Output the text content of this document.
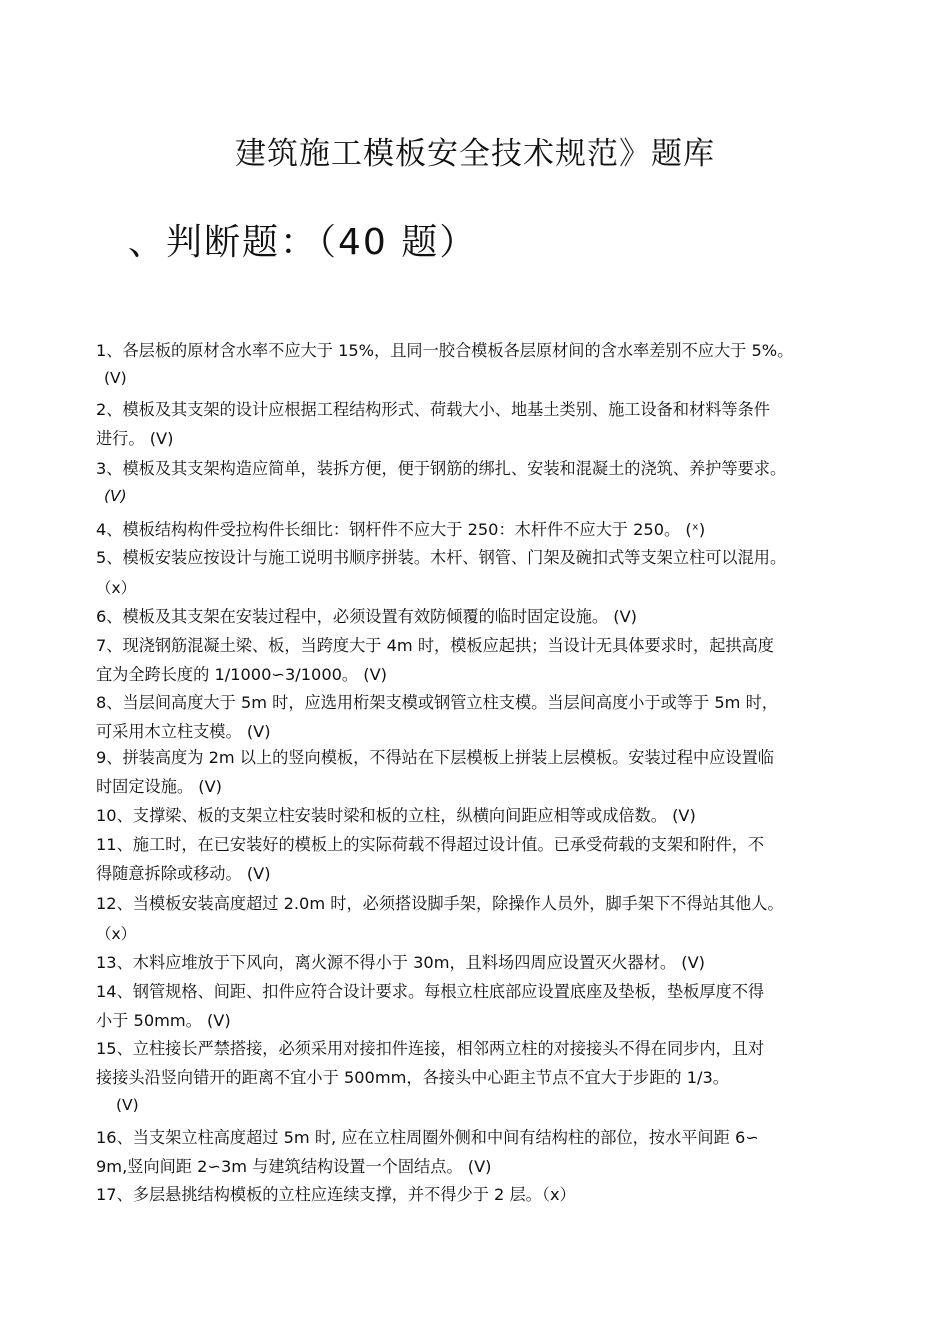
建筑施工模板安全技术规范》题库
、判断题：（40 题）
1、各层板的原材含水率不应大于 15%，且同一胶合模板各层原材间的含水率差别不应大于 5%。
(V)
2、模板及其支架的设计应根据工程结构形式、荷载大小、地基土类别、施工设备和材料等条件
进行。 (V)
3、模板及其支架构造应简单，装拆方便，便于钢筋的绑扎、安装和混凝土的浇筑、养护等要求。
(V)
4、模板结构构件受拉构件长细比：钢杆件不应大于 250：木杆件不应大于 250。 (ˣ)
5、模板安装应按设计与施工说明书顺序拼装。木杆、钢管、门架及碗扣式等支架立柱可以混用。
（x）
6、模板及其支架在安装过程中，必须设置有效防倾覆的临时固定设施。 (V)
7、现浇钢筋混凝土梁、板，当跨度大于 4m 时，模板应起拱；当设计无具体要求时，起拱高度
宜为全跨长度的 1/1000∽3/1000。 (V)
8、当层间高度大于 5m 时，应选用桁架支模或钢管立柱支模。当层间高度小于或等于 5m 时，
可采用木立柱支模。 (V)
9、拼装高度为 2m 以上的竖向模板，不得站在下层模板上拼装上层模板。安装过程中应设置临
时固定设施。 (V)
10、支撑梁、板的支架立柱安装时梁和板的立柱，纵横向间距应相等或成倍数。 (V)
11、施工时，在已安装好的模板上的实际荷载不得超过设计值。已承受荷载的支架和附件，不
得随意拆除或移动。 (V)
12、当模板安装高度超过 2.0m 时，必须搭设脚手架，除操作人员外，脚手架下不得站其他人。
（x）
13、木料应堆放于下风向，离火源不得小于 30m，且料场四周应设置灭火器材。 (V)
14、钢管规格、间距、扣件应符合设计要求。每根立柱底部应设置底座及垫板，垫板厚度不得
小于 50mm。 (V)
15、立柱接长严禁搭接，必须采用对接扣件连接，相邻两立柱的对接接头不得在同步内，且对
接接头沿竖向错开的距离不宜小于 500mm，各接头中心距主节点不宜大于步距的 1/3。
(V)
16、当支架立柱高度超过 5m 时, 应在立柱周圈外侧和中间有结构柱的部位，按水平间距 6∽
9m,竖向间距 2∽3m 与建筑结构设置一个固结点。 (V)
17、多层悬挑结构模板的立柱应连续支撑，并不得少于 2 层。（x）
